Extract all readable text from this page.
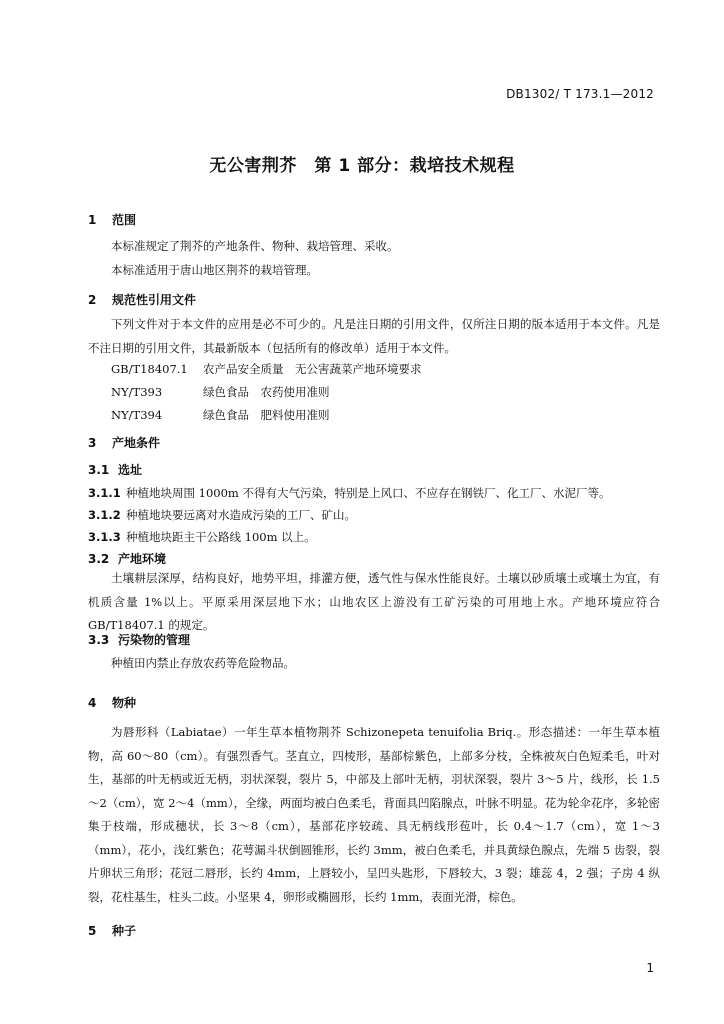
DB1302/ T 173.1—2012
无公害荆芥　第 1 部分：栽培技术规程
1 范围
本标准规定了荆芥的产地条件、物种、栽培管理、采收。
本标准适用于唐山地区荆芥的栽培管理。
2 规范性引用文件
下列文件对于本文件的应用是必不可少的。凡是注日期的引用文件，仅所注日期的版本适用于本文件。凡是不注日期的引用文件，其最新版本（包括所有的修改单）适用于本文件。
GB/T18407.1 农产品安全质量　无公害蔬菜产地环境要求
NY/T393	绿色食品　农药使用准则
NY/T394	绿色食品　肥料使用准则
3 产地条件
3.1 选址
3.1.1 种植地块周围 1000m 不得有大气污染，特别是上风口、不应存在钢铁厂、化工厂、水泥厂等。
3.1.2 种植地块要远离对水造成污染的工厂、矿山。
3.1.3 种植地块距主干公路线 100m 以上。
3.2 产地环境
土壤耕层深厚，结构良好，地势平坦，排灌方便，透气性与保水性能良好。土壤以砂质壤土或壤土为宜，有机质含量 1%以上。平原采用深层地下水；山地农区上游没有工矿污染的可用地上水。产地环境应符合 GB/T18407.1 的规定。
3.3 污染物的管理
种植田内禁止存放农药等危险物品。
4 物种
为唇形科（Labiatae）一年生草本植物荆芥 Schizonepeta tenuifolia Briq.。形态描述：一年生草本植物，高 60～80（cm）。有强烈香气。茎直立，四棱形，基部棕紫色，上部多分枝，全株被灰白色短柔毛，叶对生，基部的叶无柄或近无柄，羽状深裂，裂片 5，中部及上部叶无柄，羽状深裂，裂片 3～5 片，线形，长 1.5～2（cm），宽 2～4（mm），全缘，两面均被白色柔毛，背面具凹陷腺点，叶脉不明显。花为轮伞花序，多轮密集于枝端，形成穗状，长 3～8（cm），基部花序较疏、具无柄线形苞叶，长 0.4～1.7（cm），宽 1～3（mm），花小，浅红紫色；花萼漏斗状倒圆锥形，长约 3mm，被白色柔毛，并具黄绿色腺点，先端 5 齿裂，裂片卵状三角形；花冠二唇形，长约 4mm，上唇较小，呈凹头匙形，下唇较大，3 裂；雄蕊 4，2 强；子房 4 纵裂，花柱基生，柱头二歧。小坚果 4，卵形或椭圆形，长约 1mm，表面光滑，棕色。
5 种子
1
